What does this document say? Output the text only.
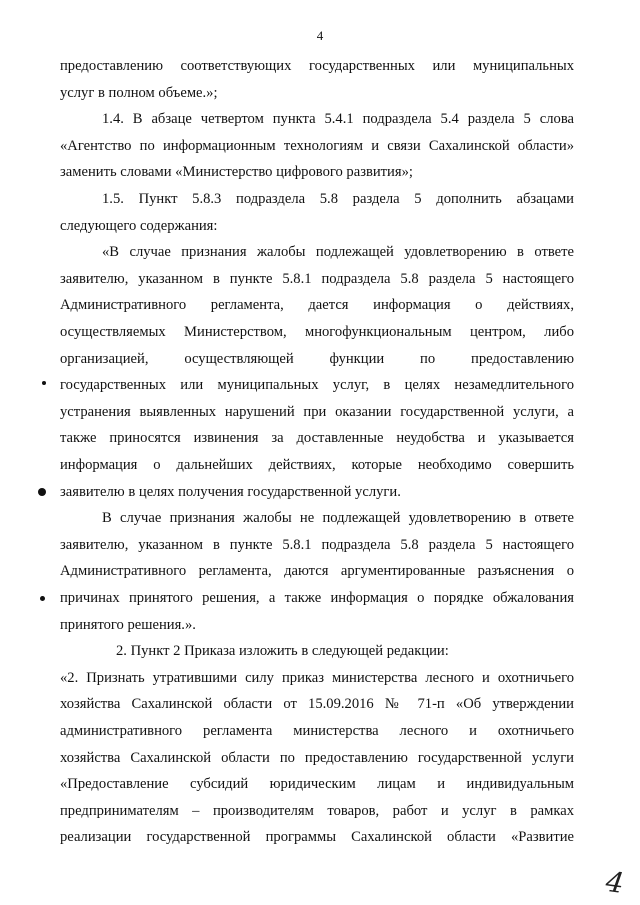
4
предоставлению соответствующих государственных или муниципальных
услуг в полном объеме.»;
1.4. В абзаце четвертом пункта 5.4.1 подраздела 5.4 раздела 5 слова
«Агентство по информационным технологиям и связи Сахалинской области»
заменить словами «Министерство цифрового развития»;
1.5. Пункт 5.8.3 подраздела 5.8 раздела 5 дополнить абзацами
следующего содержания:
«В случае признания жалобы подлежащей удовлетворению в ответе
заявителю, указанном в пункте 5.8.1 подраздела 5.8 раздела 5 настоящего
Административного регламента, дается информация о действиях,
осуществляемых Министерством, многофункциональным центром, либо
организацией, осуществляющей функции по предоставлению
государственных или муниципальных услуг, в целях незамедлительного
устранения выявленных нарушений при оказании государственной услуги, а
также приносятся извинения за доставленные неудобства и указывается
информация о дальнейших действиях, которые необходимо совершить
заявителю в целях получения государственной услуги.
В случае признания жалобы не подлежащей удовлетворению в ответе
заявителю, указанном в пункте 5.8.1 подраздела 5.8 раздела 5 настоящего
Административного регламента, даются аргументированные разъяснения о
причинах принятого решения, а также информация о порядке обжалования
принятого решения.».
2. Пункт 2 Приказа изложить в следующей редакции:
«2. Признать утратившими силу приказ министерства лесного и охотничьего
хозяйства Сахалинской области от 15.09.2016 № 71-п «Об утверждении
административного регламента министерства лесного и охотничьего
хозяйства Сахалинской области по предоставлению государственной услуги
«Предоставление субсидий юридическим лицам и индивидуальным
предпринимателям – производителям товаров, работ и услуг в рамках
реализации государственной программы Сахалинской области «Развитие
4
